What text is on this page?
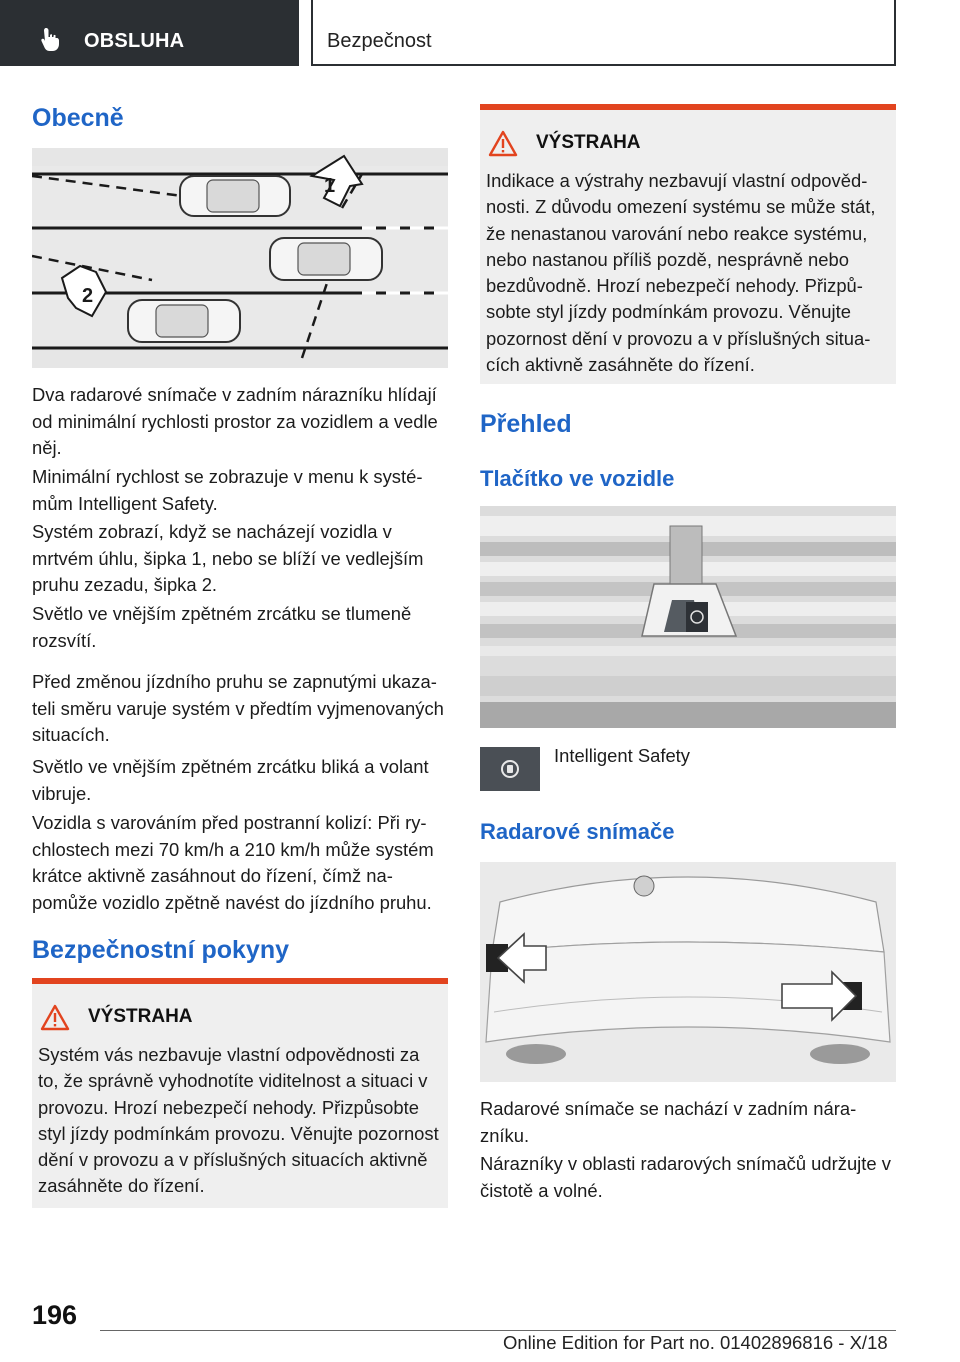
OBSLUHA	Bezpečnost
Obecně
1
2
Dva radarové snímače v zadním nárazníku hlídají od minimální rychlosti prostor za vozidlem a vedle něj.
Minimální rychlost se zobrazuje v menu k systémům Intelligent Safety.
Systém zobrazí, když se nacházejí vozidla v mrtvém úhlu, šipka 1, nebo se blíží ve vedlejším pruhu zezadu, šipka 2.
Světlo ve vnějším zpětném zrcátku se tlumeně rozsvítí.
Před změnou jízdního pruhu se zapnutými ukazateli směru varuje systém v předtím vyjmenovaných situacích.
Světlo ve vnějším zpětném zrcátku bliká a volant vibruje.
Vozidla s varováním před postranní kolizí: Při rychlostech mezi 70 km/h a 210 km/h může systém krátce aktivně zasáhnout do řízení, čímž napomůže vozidlo zpětně navést do jízdního pruhu.
Bezpečnostní pokyny
VÝSTRAHA
Systém vás nezbavuje vlastní odpovědnosti za to, že správně vyhodnotíte viditelnost a situaci v provozu. Hrozí nebezpečí nehody. Přizpůsobte styl jízdy podmínkám provozu. Věnujte pozornost dění v provozu a v příslušných situacích aktivně zasáhněte do řízení.
VÝSTRAHA
Indikace a výstrahy nezbavují vlastní odpovědnosti. Z důvodu omezení systému se může stát, že nenastanou varování nebo reakce systému, nebo nastanou příliš pozdě, nesprávně nebo bezdůvodně. Hrozí nebezpečí nehody. Přizpůsobte styl jízdy podmínkám provozu. Věnujte pozornost dění v provozu a v příslušných situacích aktivně zasáhněte do řízení.
Přehled
Tlačítko ve vozidle
Intelligent Safety
Radarové snímače
Radarové snímače se nachází v zadním nárazníku.
Nárazníky v oblasti radarových snímačů udržujte v čistotě a volné.
196
Online Edition for Part no. 01402896816 - X/18
